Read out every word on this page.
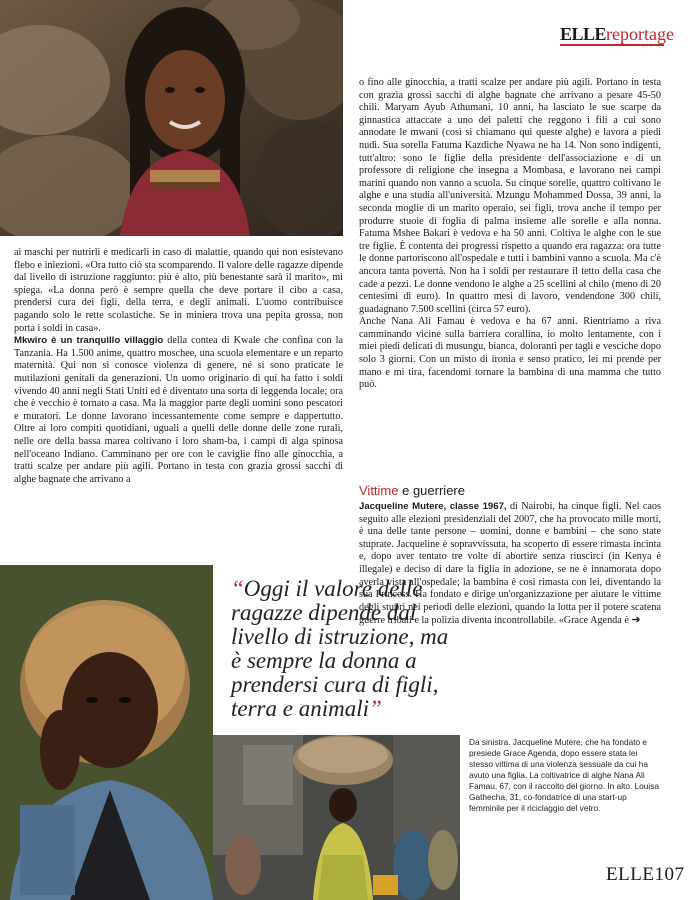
ELLEreportage

ai maschi per nutrirli e medicarli in caso di malattie, quando qui non esistevano flebo e iniezioni. «Ora tutto ciò sta scomparendo. Il valore delle ragazze dipende dal livello di istruzione raggiunto: più è alto, più benestante sarà il marito», mi spiega. «La donna però è sempre quella che deve portare il cibo a casa, prendersi cura dei figli, della terra, e degli animali. L'uomo contribuisce pagando solo le rette scolastiche. Se in miniera trova una pepita grossa, non porta i soldi in casa».

Mkwiro è un tranquillo villaggio della contea di Kwale che confina con la Tanzania. Ha 1.500 anime, quattro moschee, una scuola elementare e un reparto maternità. Qui non si conosce violenza di genere, né si sono praticate le mutilazioni genitali da generazioni. Un uomo originario di qui ha fatto i soldi vivendo 40 anni negli Stati Uniti ed è diventato una sorta di leggenda locale; ora che è vecchio è tornato a casa. Ma la maggior parte degli uomini sono pescatori e muratori. Le donne lavorano incessantemente come sempre e dappertutto. Oltre ai loro compiti quotidiani, uguali a quelli delle donne delle zone rurali, nelle ore della bassa marea coltivano i loro sham-ba, i campi di alga spinosa nell'oceano Indiano. Camminano per ore con le caviglie fino alle ginocchia, a tratti scalze per andare più agili. Portano in testa con grazia grossi sacchi di alghe bagnate che arrivano a

o fino alle ginocchia, a tratti scalze per andare più agili. Portano in testa con grazia grossi sacchi di alghe bagnate che arrivano a pesare 45-50 chili. Maryam Ayub Athumani, 10 anni, ha lasciato le sue scarpe da ginnastica attaccate a uno dei paletti che reggono i fili a cui sono annodate le mwani (così si chiamano qui queste alghe) e lavora a piedi nudi. Sua sorella Fatuma Kazdiche Nyawa ne ha 14. Non sono indigenti, tutt'altro: sono le figlie della presidente dell'associazione e di un professore di religione che insegna a Mombasa, e lavorano nei campi marini quando non vanno a scuola. Su cinque sorelle, quattro coltivano le alghe e una studia all'università. Mzungu Mohammed Dossa, 39 anni, la seconda moglie di un marito operaio, sei figli, trova anche il tempo per produrre stuoie di foglia di palma insieme alle sorelle e alla nonna. Fatuma Mshee Bakari è vedova e ha 50 anni. Coltiva le alghe con le sue tre figlie. È contenta dei progressi rispetto a quando era ragazza: ora tutte le donne partoriscono all'ospedale e tutti i bambini vanno a scuola. Ma c'è ancora tanta povertà. Non ha i soldi per restaurare il tetto della casa che cade a pezzi. Le donne vendono le alghe a 25 scellini al chilo (meno di 20 centesimi di euro). In quattro mesi di lavoro, vendendone 300 chili, guadagnano 7.500 scellini (circa 57 euro).

Anche Nana Ali Famau è vedova e ha 67 anni. Rientriamo a riva camminando vicine sulla barriera corallina, io molto lentamente, con i miei piedi delicati di musungu, bianca, doloranti per tagli e vesciche dopo solo 3 giorni. Con un misto di ironia e senso pratico, lei mi prende per mano e mi tira, facendomi tornare la bambina di una mamma che tutto può.

Vittime e guerriere

Jacqueline Mutere, classe 1967, di Nairobi, ha cinque figli. Nel caos seguito alle elezioni presidenziali del 2007, che ha provocato mille morti, è una delle tante persone – uomini, donne e bambini – che sono state stuprate. Jacqueline è sopravvissuta, ha scoperto di essere rimasta incinta e, dopo aver tentato tre volte di abortire senza riuscirci (in Kenya è illegale) e deciso di dare la figlia in adozione, se ne è innamorata dopo averla vista all'ospedale; la bambina è così rimasta con lei, diventando la sua Princess. Ha fondato e dirige un'organizzazione per aiutare le vittime degli stupri nei periodi delle elezioni, quando la lotta per il potere scatena guerre tribali e la polizia diventa incontrollabile. «Grace Agenda è ➜

“Oggi il valore delle ragazze dipende dal livello di istruzione, ma è sempre la donna a prendersi cura di figli, terra e animali”
Da sinistra. Jacqueline Mutere, che ha fondato e presiede Grace Agenda, dopo essere stata lei stesso vittima di una violenza sessuale da cui ha avuto una figlia. La coltivatrice di alghe Nana Ali Famau, 67, con il raccolto del giorno. In alto. Louisa Gathecha, 31, co-fondatrice di una start-up femminile per il riciclaggio del vetro.
ELLE107
